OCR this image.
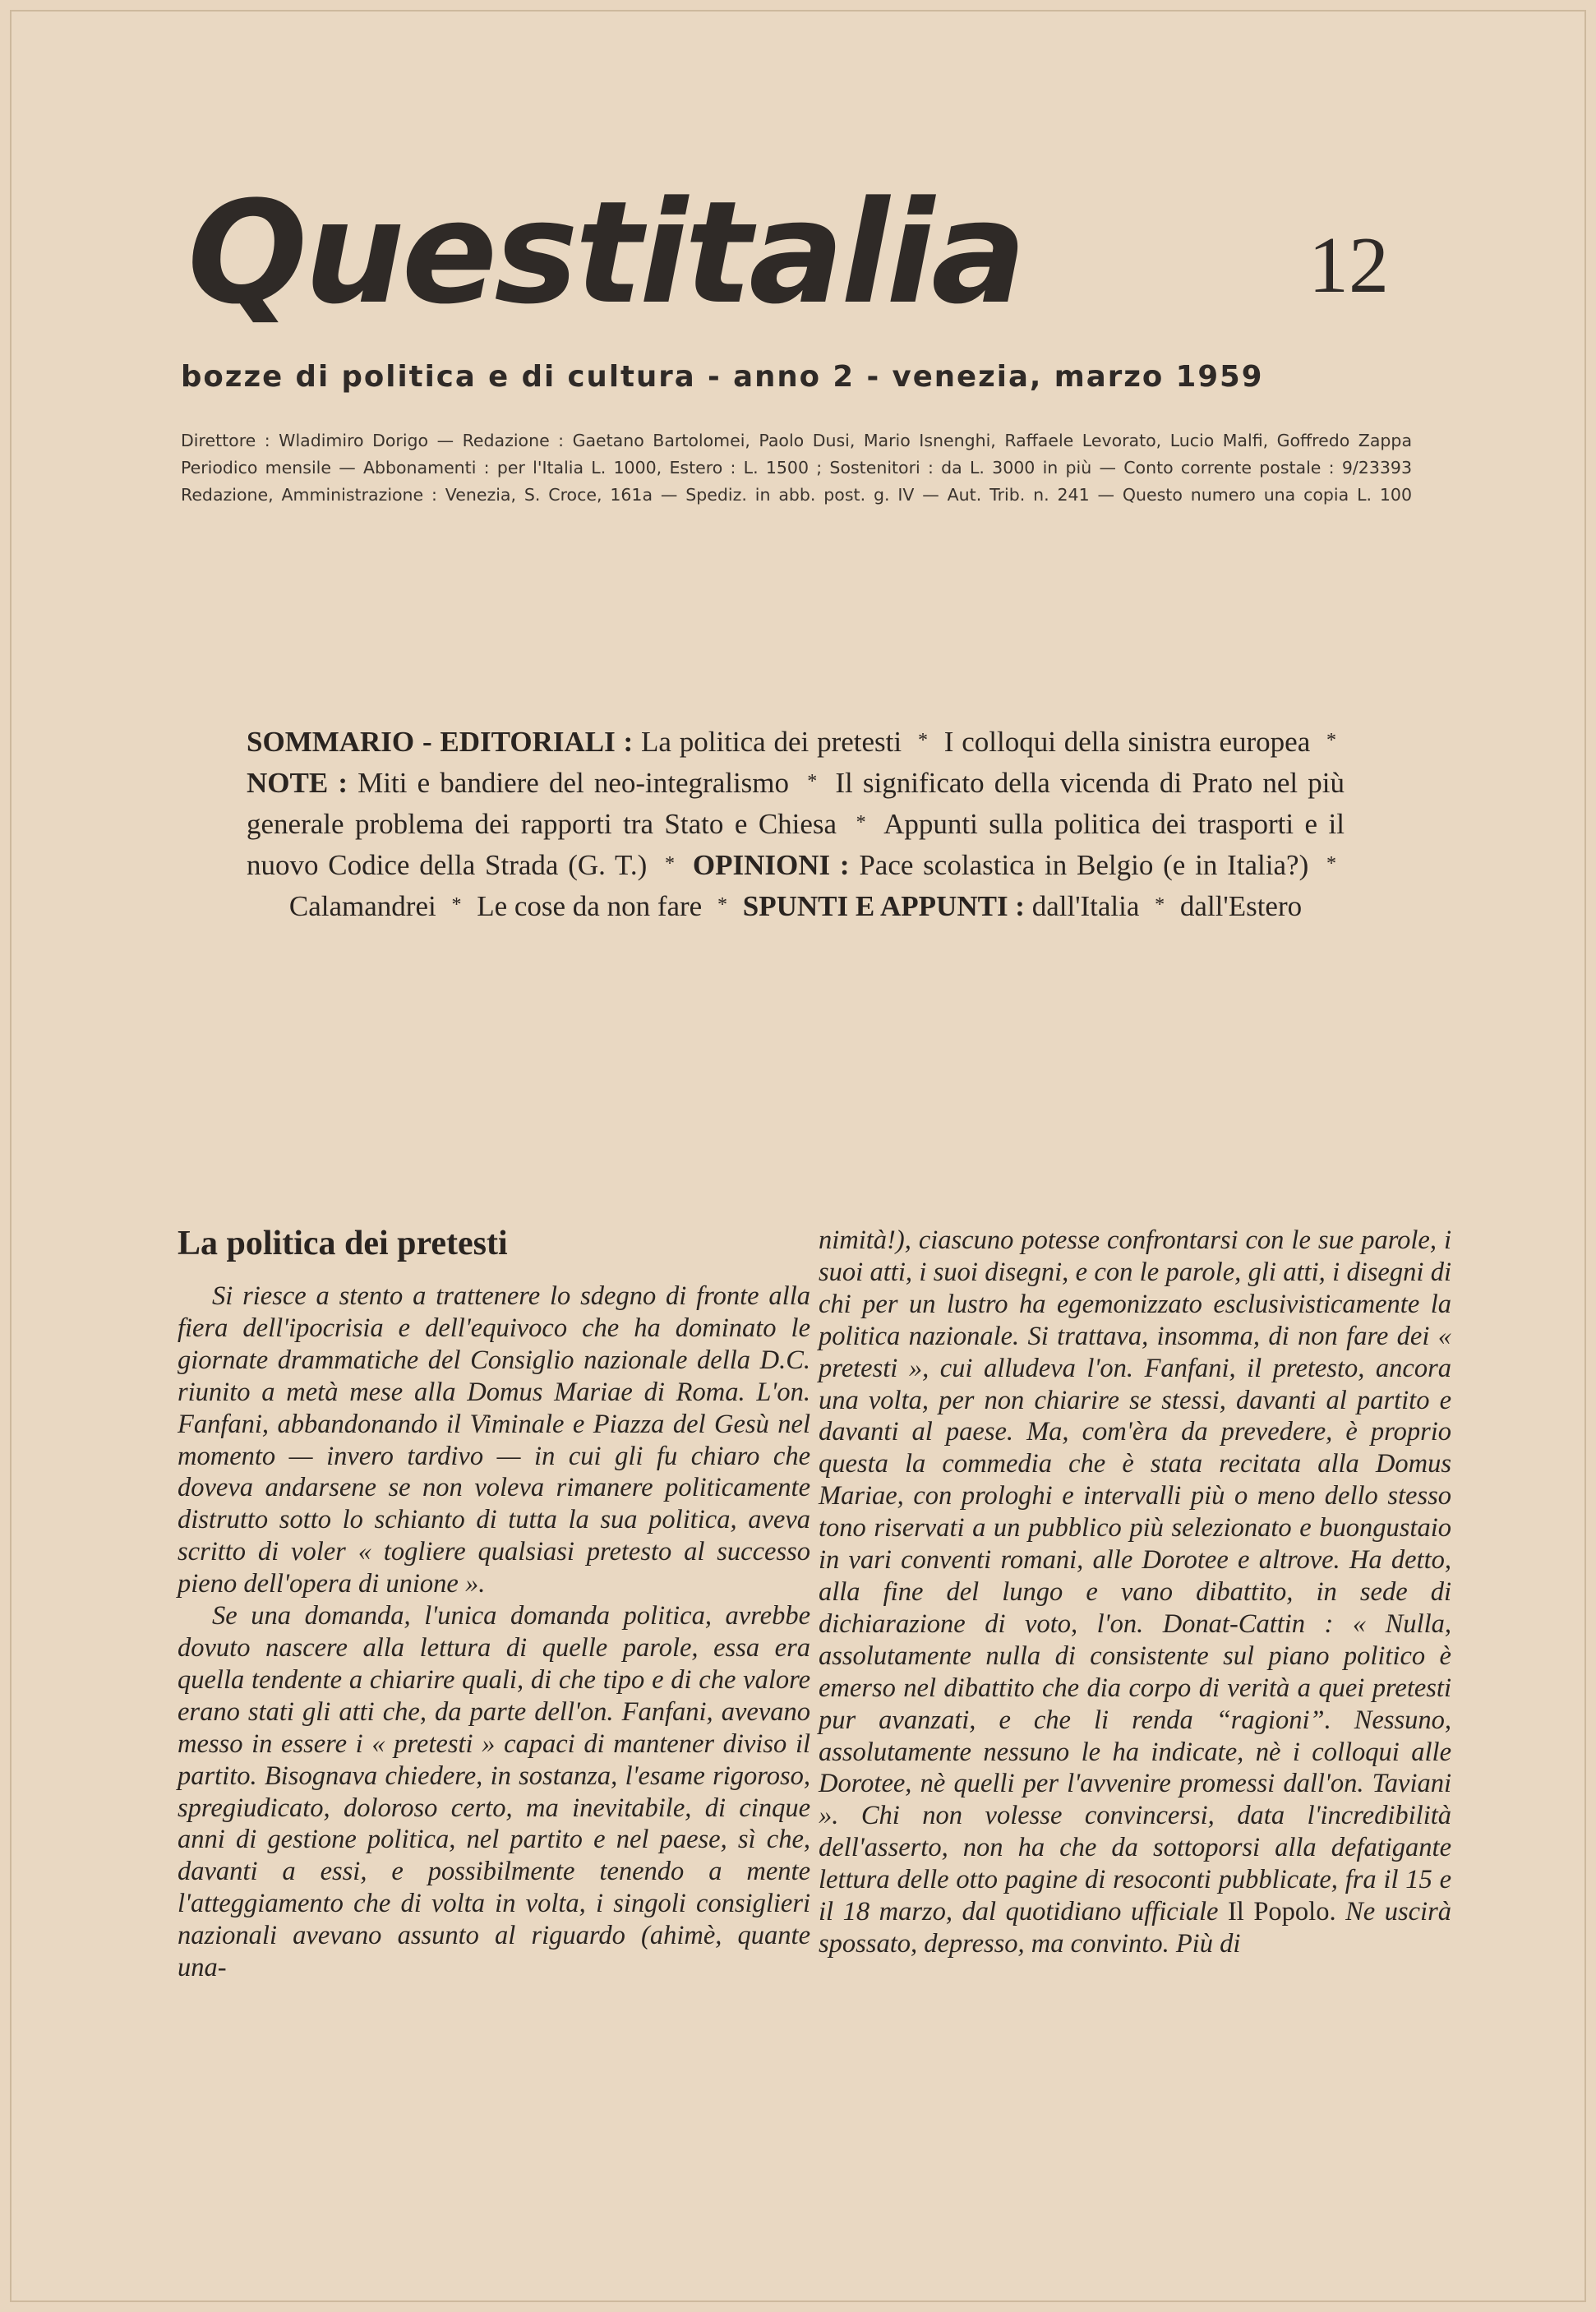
Questitalia	12
bozze di politica e di cultura - anno 2 - venezia, marzo 1959
Direttore : Wladimiro Dorigo — Redazione : Gaetano Bartolomei, Paolo Dusi, Mario Isnenghi, Raffaele Levorato, Lucio Malfi, Goffredo Zappa
Periodico mensile — Abbonamenti : per l'Italia L. 1000, Estero : L. 1500 ; Sostenitori : da L. 3000 in più — Conto corrente postale : 9/23393
Redazione, Amministrazione : Venezia, S. Croce, 161a — Spediz. in abb. post. g. IV — Aut. Trib. n. 241 — Questo numero una copia L. 100
SOMMARIO - EDITORIALI : La politica dei pretesti * I colloqui della sinistra europea * NOTE : Miti e bandiere del neo-integralismo * Il significato della vicenda di Prato nel più generale problema dei rapporti tra Stato e Chiesa * Appunti sulla politica dei trasporti e il nuovo Codice della Strada (G. T.) * OPINIONI : Pace scolastica in Belgio (e in Italia?) * Calamandrei * Le cose da non fare * SPUNTI E APPUNTI : dall'Italia * dall'Estero
La politica dei pretesti

Si riesce a stento a trattenere lo sdegno di fronte alla fiera dell'ipocrisia e dell'equivoco che ha dominato le giornate drammatiche del Consiglio nazionale della D.C. riunito a metà mese alla Domus Mariae di Roma. L'on. Fanfani, abbandonando il Viminale e Piazza del Gesù nel momento — invero tardivo — in cui gli fu chiaro che doveva andarsene se non voleva rimanere politicamente distrutto sotto lo schianto di tutta la sua politica, aveva scritto di voler « togliere qualsiasi pretesto al successo pieno dell'opera di unione ».

Se una domanda, l'unica domanda politica, avrebbe dovuto nascere alla lettura di quelle parole, essa era quella tendente a chiarire quali, di che tipo e di che valore erano stati gli atti che, da parte dell'on. Fanfani, avevano messo in essere i « pretesti » capaci di mantener diviso il partito. Bisognava chiedere, in sostanza, l'esame rigoroso, spregiudicato, doloroso certo, ma inevitabile, di cinque anni di gestione politica, nel partito e nel paese, sì che, davanti a essi, e possibilmente tenendo a mente l'atteggiamento che di volta in volta, i singoli consiglieri nazionali avevano assunto al riguardo (ahimè, quante una-

nimità!), ciascuno potesse confrontarsi con le sue parole, i suoi atti, i suoi disegni, e con le parole, gli atti, i disegni di chi per un lustro ha egemonizzato esclusivisticamente la politica nazionale. Si trattava, insomma, di non fare dei « pretesti », cui alludeva l'on. Fanfani, il pretesto, ancora una volta, per non chiarire se stessi, davanti al partito e davanti al paese. Ma, com'èra da prevedere, è proprio questa la commedia che è stata recitata alla Domus Mariae, con prologhi e intervalli più o meno dello stesso tono riservati a un pubblico più selezionato e buongustaio in vari conventi romani, alle Dorotee e altrove. Ha detto, alla fine del lungo e vano dibattito, in sede di dichiarazione di voto, l'on. Donat-Cattin : « Nulla, assolutamente nulla di consistente sul piano politico è emerso nel dibattito che dia corpo di verità a quei pretesti pur avanzati, e che li renda “ragioni”. Nessuno, assolutamente nessuno le ha indicate, nè i colloqui alle Dorotee, nè quelli per l'avvenire promessi dall'on. Taviani ». Chi non volesse convincersi, data l'incredibilità dell'asserto, non ha che da sottoporsi alla defatigante lettura delle otto pagine di resoconti pubblicate, fra il 15 e il 18 marzo, dal quotidiano ufficiale Il Popolo. Ne uscirà spossato, depresso, ma convinto. Più di
